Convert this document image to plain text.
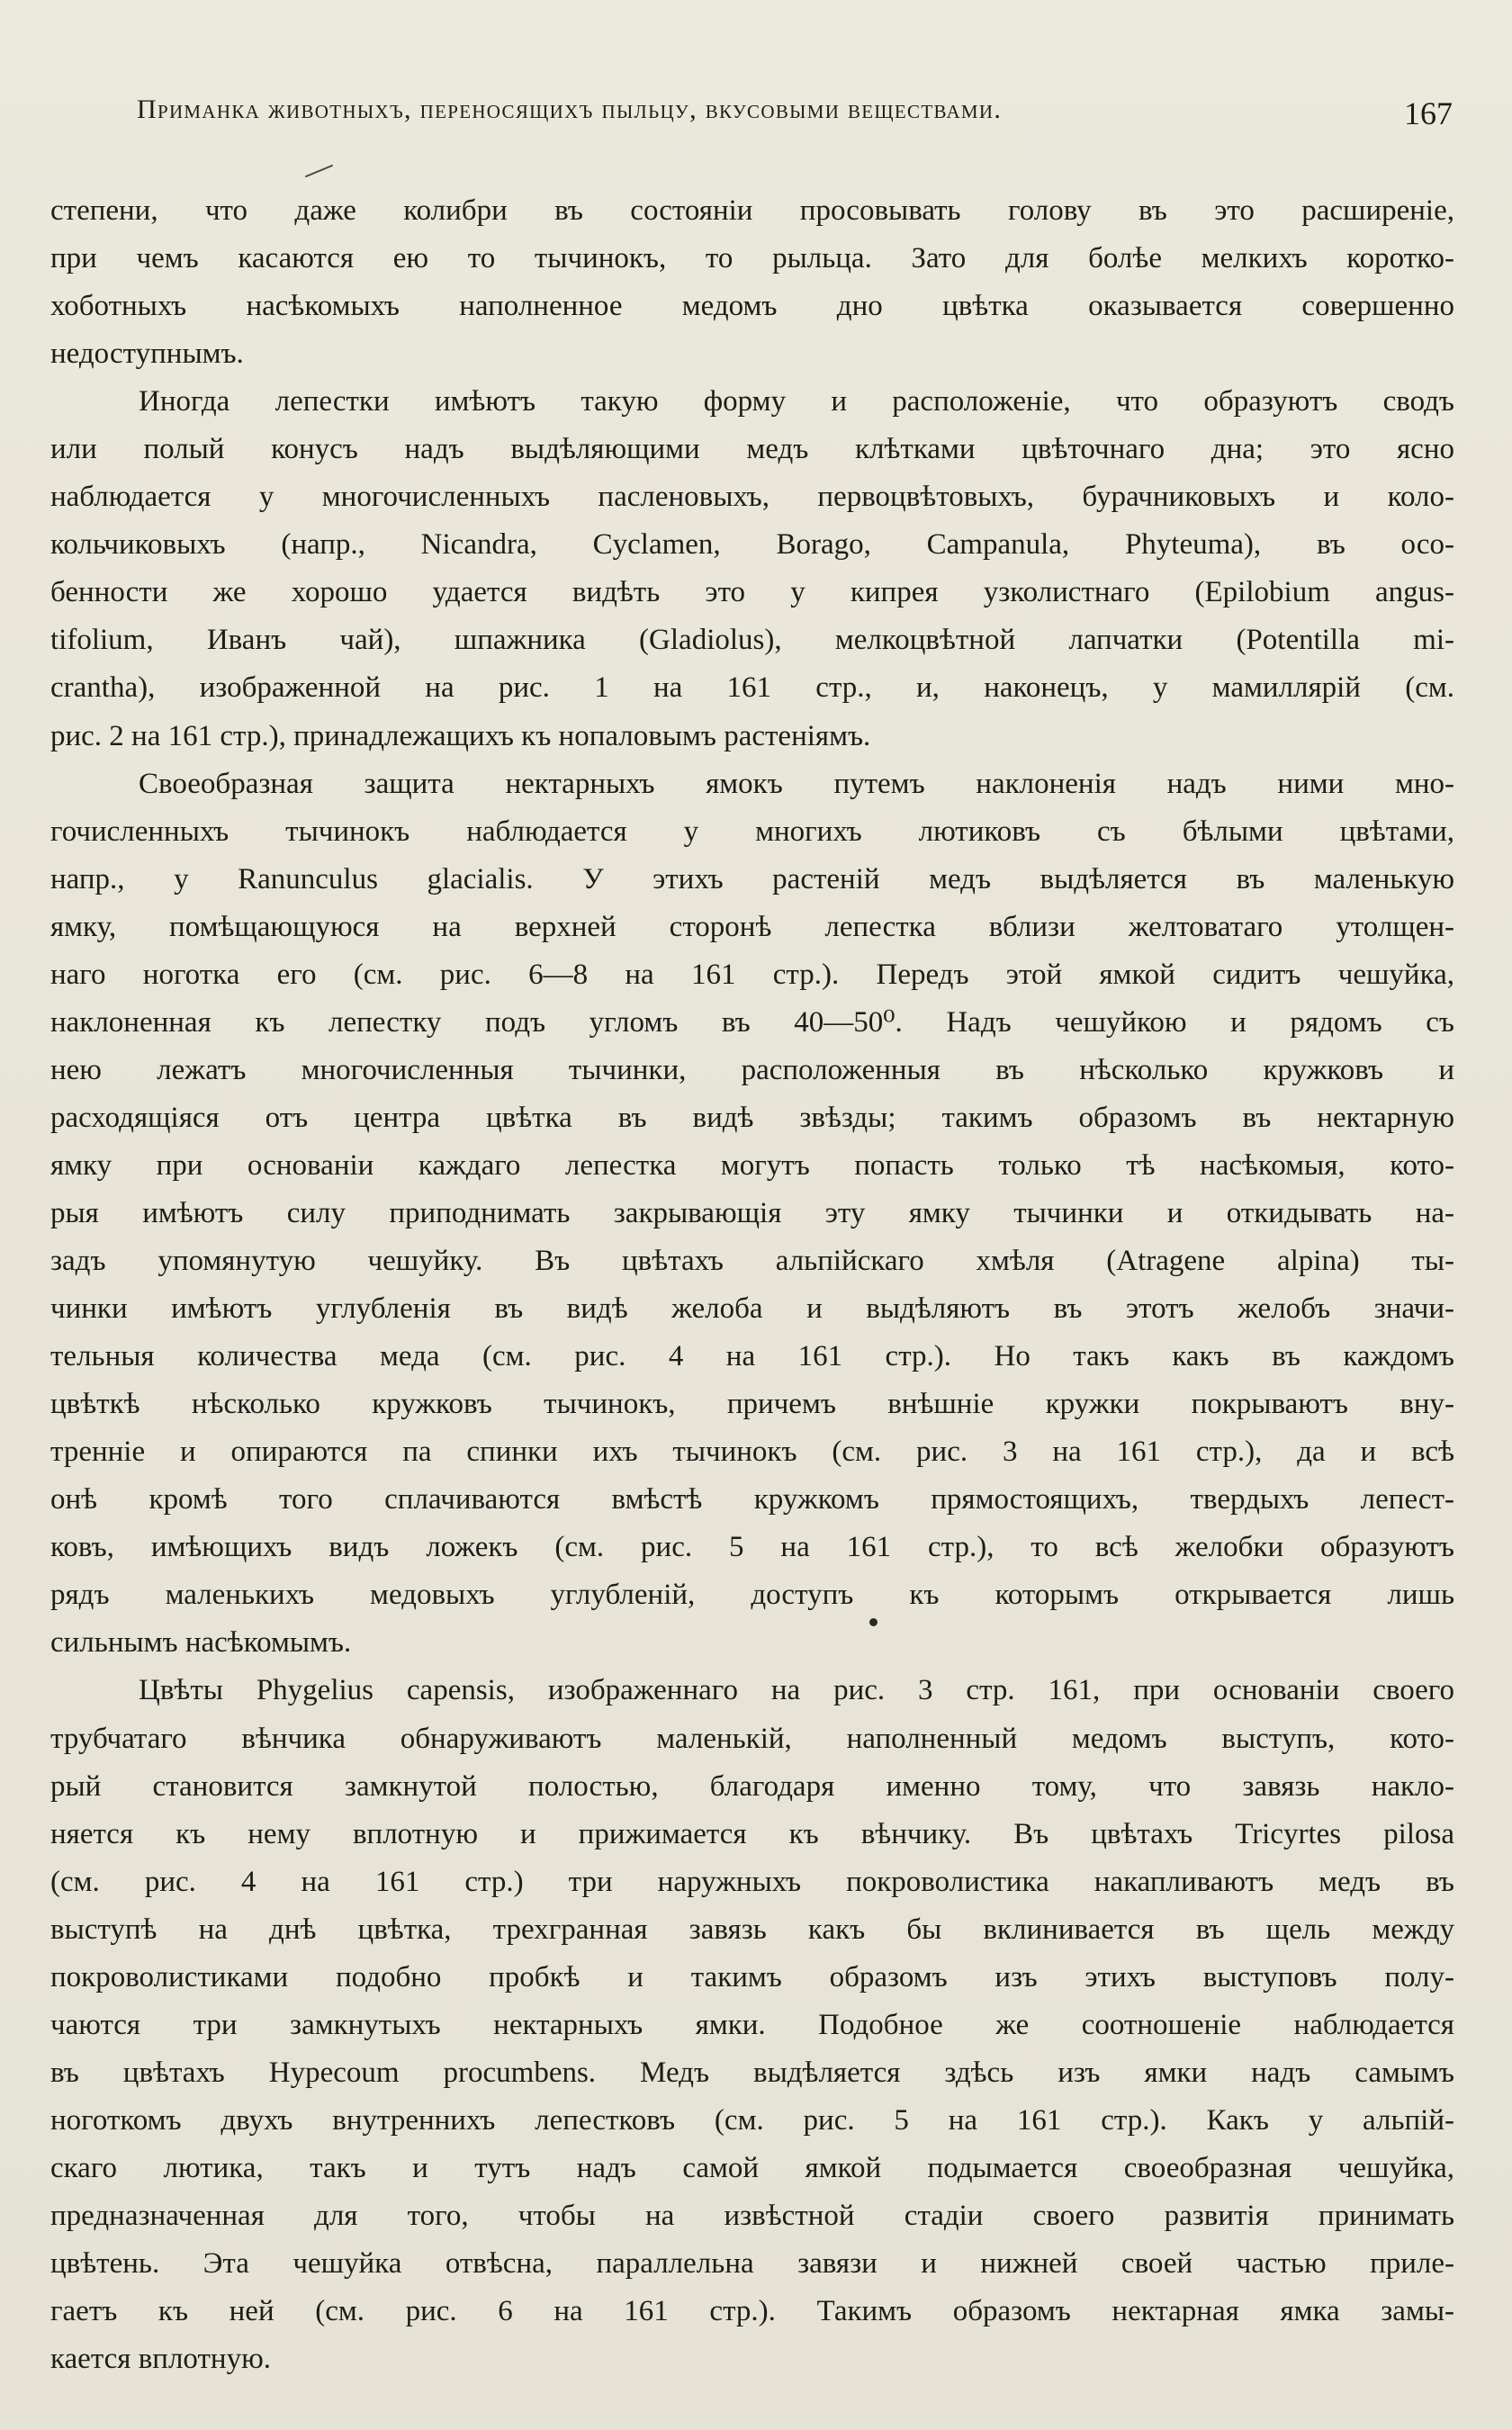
Приманка животныхъ, переносящихъ пыльцу, вкусовыми веществами.	167
степени, что даже колибри въ состояніи просовывать голову въ это расширеніе,
при чемъ касаются ею то тычинокъ, то рыльца. Зато для болѣе мелкихъ коротко-
хоботныхъ насѣкомыхъ наполненное медомъ дно цвѣтка оказывается совершенно
недоступнымъ.
Иногда лепестки имѣютъ такую форму и расположеніе, что образуютъ сводъ
или полый конусъ надъ выдѣляющими медъ клѣтками цвѣточнаго дна; это ясно
наблюдается у многочисленныхъ пасленовыхъ, первоцвѣтовыхъ, бурачниковыхъ и коло-
кольчиковыхъ (напр., Nicandra, Cyclamen, Borago, Campanula, Phyteuma), въ осо-
бенности же хорошо удается видѣть это у кипрея узколистнаго (Epilobium angus-
tifolium, Иванъ чай), шпажника (Gladiolus), мелкоцвѣтной лапчатки (Potentilla mi-
crantha), изображенной на рис. 1 на 161 стр., и, наконецъ, у мамиллярій (см.
рис. 2 на 161 стр.), принадлежащихъ къ нопаловымъ растеніямъ.
Своеобразная защита нектарныхъ ямокъ путемъ наклоненія надъ ними мно-
гочисленныхъ тычинокъ наблюдается у многихъ лютиковъ съ бѣлыми цвѣтами,
напр., у Ranunculus glacialis. У этихъ растеній медъ выдѣляется въ маленькую
ямку, помѣщающуюся на верхней сторонѣ лепестка вблизи желтоватаго утолщен-
наго ноготка его (см. рис. 6—8 на 161 стр.). Передъ этой ямкой сидитъ чешуйка,
наклоненная къ лепестку подъ угломъ въ 40—50⁰. Надъ чешуйкою и рядомъ съ
нею лежатъ многочисленныя тычинки, расположенныя въ нѣсколько кружковъ и
расходящіяся отъ центра цвѣтка въ видѣ звѣзды; такимъ образомъ въ нектарную
ямку при основаніи каждаго лепестка могутъ попасть только тѣ насѣкомыя, кото-
рыя имѣютъ силу приподнимать закрывающія эту ямку тычинки и откидывать на-
задъ упомянутую чешуйку. Въ цвѣтахъ альпійскаго хмѣля (Atragene alpina) ты-
чинки имѣютъ углубленія въ видѣ желоба и выдѣляютъ въ этотъ желобъ значи-
тельныя количества меда (см. рис. 4 на 161 стр.). Но такъ какъ въ каждомъ
цвѣткѣ нѣсколько кружковъ тычинокъ, причемъ внѣшніе кружки покрываютъ вну-
тренніе и опираются па спинки ихъ тычинокъ (см. рис. 3 на 161 стр.), да и всѣ
онѣ кромѣ того сплачиваются вмѣстѣ кружкомъ прямостоящихъ, твердыхъ лепест-
ковъ, имѣющихъ видъ ложекъ (см. рис. 5 на 161 стр.), то всѣ желобки образуютъ
рядъ маленькихъ медовыхъ углубленій, доступъ къ которымъ открывается лишь
сильнымъ насѣкомымъ.
Цвѣты Phygelius capensis, изображеннаго на рис. 3 стр. 161, при основаніи своего
трубчатаго вѣнчика обнаруживаютъ маленькій, наполненный медомъ выступъ, кото-
рый становится замкнутой полостью, благодаря именно тому, что завязь накло-
няется къ нему вплотную и прижимается къ вѣнчику. Въ цвѣтахъ Tricyrtes pilosa
(см. рис. 4 на 161 стр.) три наружныхъ покроволистика накапливаютъ медъ въ
выступѣ на днѣ цвѣтка, трехгранная завязь какъ бы вклинивается въ щель между
покроволистиками подобно пробкѣ и такимъ образомъ изъ этихъ выступовъ полу-
чаются три замкнутыхъ нектарныхъ ямки. Подобное же соотношеніе наблюдается
въ цвѣтахъ Hypecoum procumbens. Медъ выдѣляется здѣсь изъ ямки надъ самымъ
ноготкомъ двухъ внутреннихъ лепестковъ (см. рис. 5 на 161 стр.). Какъ у альпій-
скаго лютика, такъ и тутъ надъ самой ямкой подымается своеобразная чешуйка,
предназначенная для того, чтобы на извѣстной стадіи своего развитія принимать
цвѣтень. Эта чешуйка отвѣсна, параллельна завязи и нижней своей частью приле-
гаетъ къ ней (см. рис. 6 на 161 стр.). Такимъ образомъ нектарная ямка замы-
кается вплотную.
